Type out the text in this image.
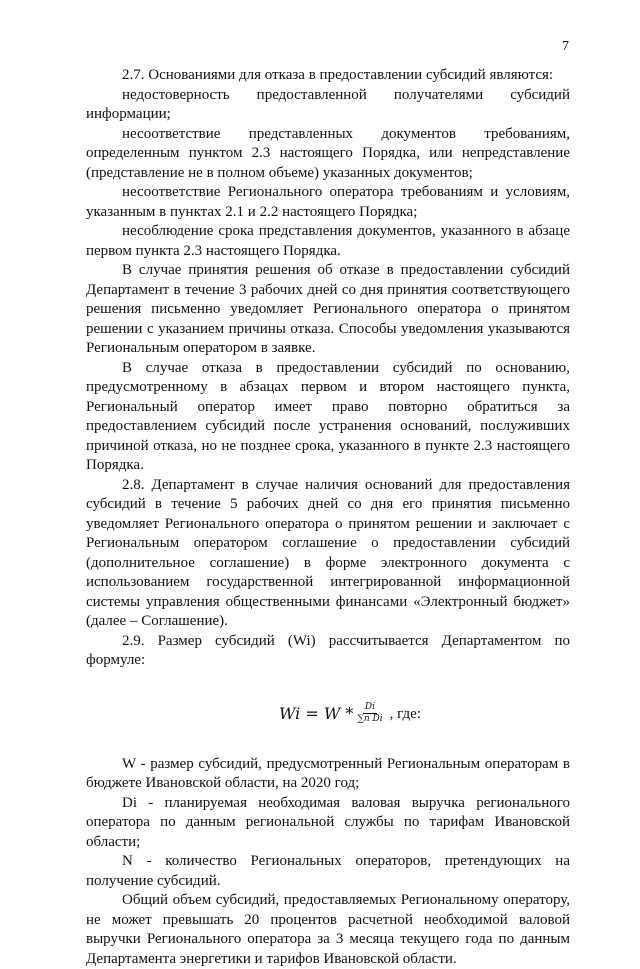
7

2.7. Основаниями для отказа в предоставлении субсидий являются:

недостоверность предоставленной получателями субсидий информации;

несоответствие представленных документов требованиям, определенным пунктом 2.3 настоящего Порядка, или непредставление (представление не в полном объеме) указанных документов;

несоответствие Регионального оператора требованиям и условиям, указанным в пунктах 2.1 и 2.2 настоящего Порядка;

несоблюдение срока представления документов, указанного в абзаце первом пункта 2.3 настоящего Порядка.

В случае принятия решения об отказе в предоставлении субсидий Департамент в течение 3 рабочих дней со дня принятия соответствующего решения письменно уведомляет Регионального оператора о принятом решении с указанием причины отказа. Способы уведомления указываются Региональным оператором в заявке.

В случае отказа в предоставлении субсидий по основанию, предусмотренному в абзацах первом и втором настоящего пункта, Региональный оператор имеет право повторно обратиться за предоставлением субсидий после устранения оснований, послуживших причиной отказа, но не позднее срока, указанного в пункте 2.3 настоящего Порядка.

2.8. Департамент в случае наличия оснований для предоставления субсидий в течение 5 рабочих дней со дня его принятия письменно уведомляет Регионального оператора о принятом решении и заключает с Региональным оператором соглашение о предоставлении субсидий (дополнительное соглашение) в форме электронного документа с использованием государственной интегрированной информационной системы управления общественными финансами «Электронный бюджет» (далее – Соглашение).

2.9. Размер субсидий (Wi) рассчитывается Департаментом по формуле:

$Wi = W * \frac{Di}{\text{∑n Di}}$ , где:

W - размер субсидий, предусмотренный Региональным операторам в бюджете Ивановской области, на 2020 год;

Di - планируемая необходимая валовая выручка регионального оператора по данным региональной службы по тарифам Ивановской области;

N - количество Региональных операторов, претендующих на получение субсидий.

Общий объем субсидий, предоставляемых Региональному оператору, не может превышать 20 процентов расчетной необходимой валовой выручки Регионального оператора за 3 месяца текущего года по данным Департамента энергетики и тарифов Ивановской области.
